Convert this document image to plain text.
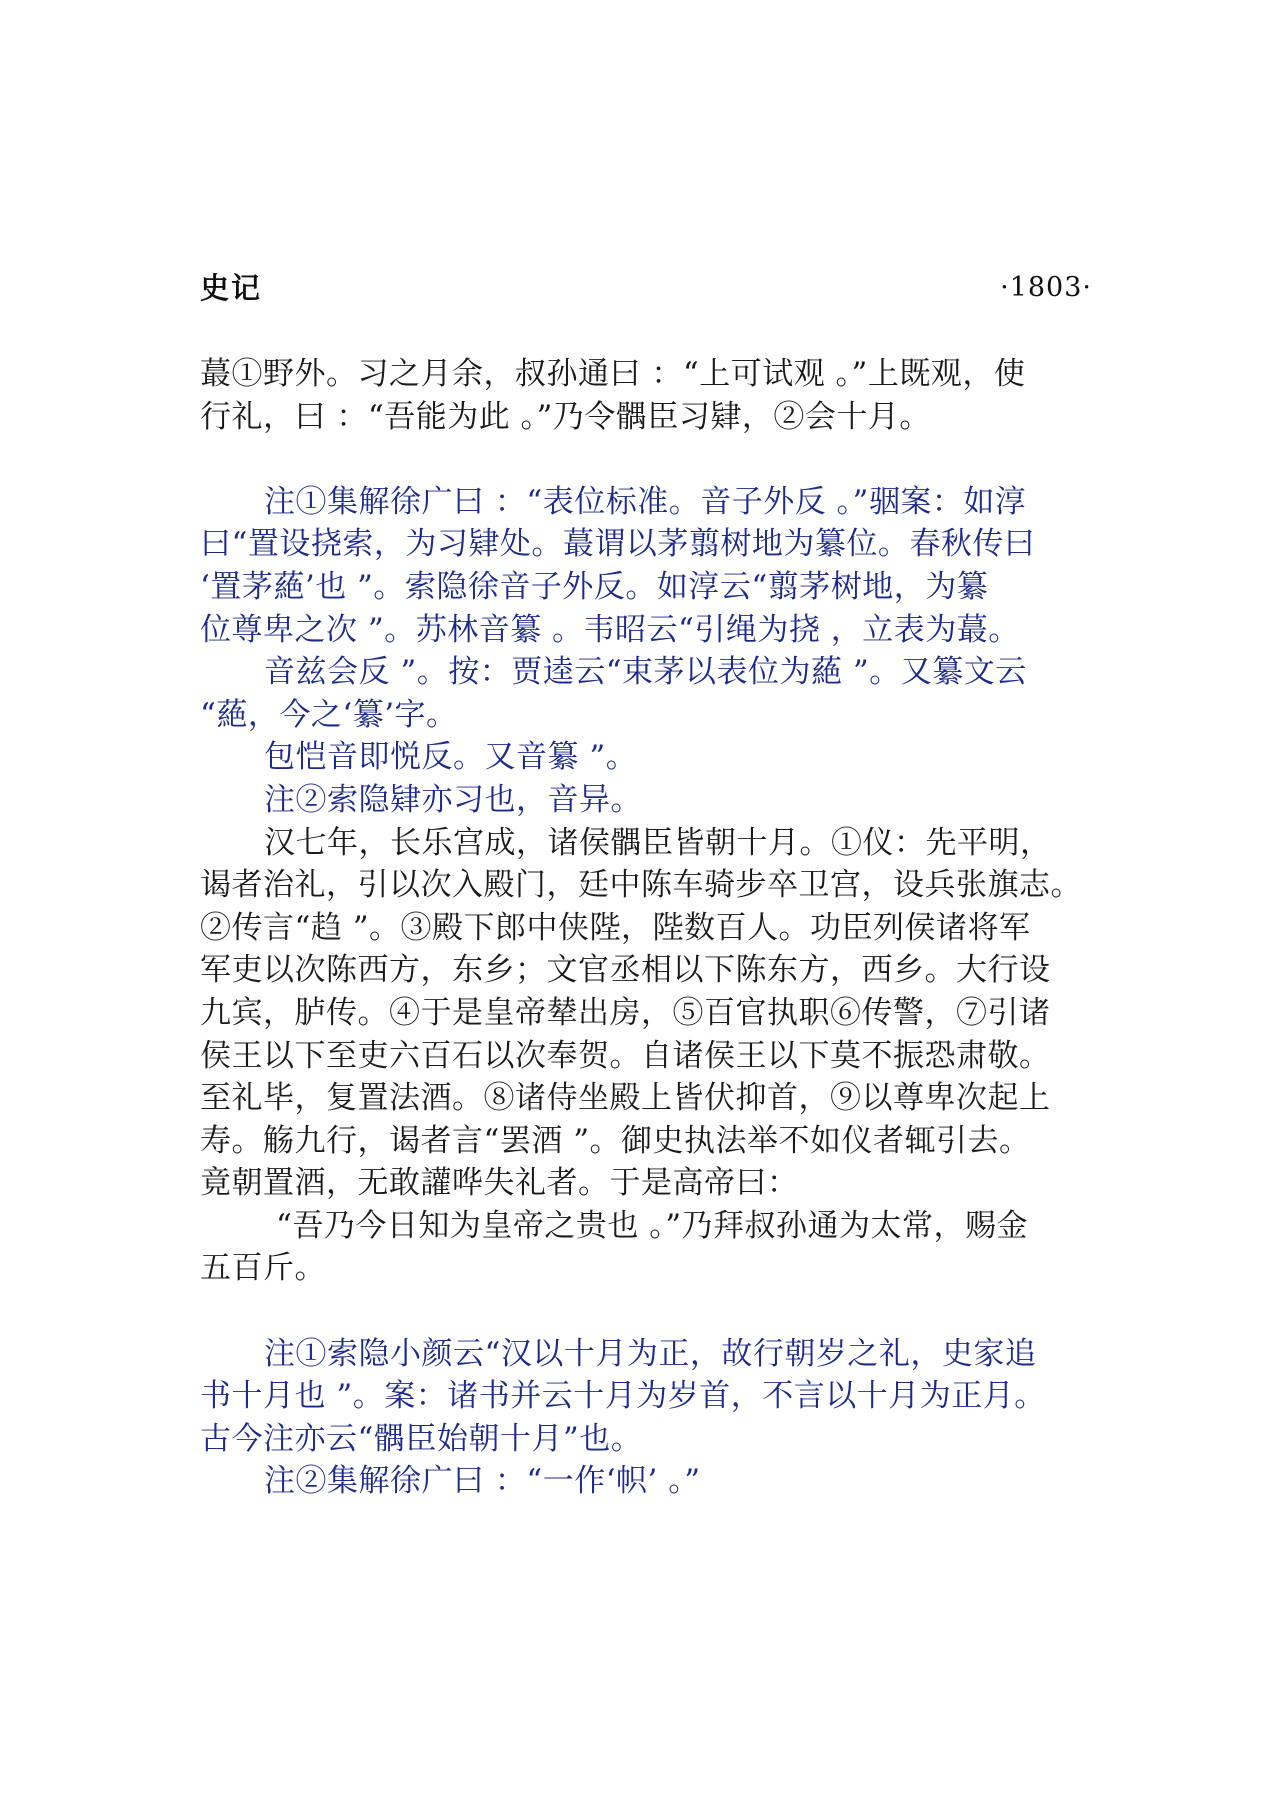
史记	·1803·
蕞①野外。习之月余，叔孙通曰 ：“上可试观 。”上既观，使
行礼，曰 ：“吾能为此 。”乃令髃臣习肄，②会十月。
注①集解徐广曰 ：“表位标准。音子外反 。”骃案：如淳
曰“置设挠索，为习肄处。蕞谓以茅翦树地为纂位。春秋传曰
‘置茅蕝’也 ”。索隐徐音子外反。如淳云“翦茅树地，为纂
位尊卑之次 ”。苏林音纂 。韦昭云“引绳为挠 ，立表为蕞。
音兹会反 ”。按：贾逵云“束茅以表位为蕝 ”。又纂文云
“蕝，今之‘纂’字。
包恺音即悦反。又音纂 ”。
注②索隐肄亦习也，音异。
汉七年，长乐宫成，诸侯髃臣皆朝十月。①仪：先平明，
谒者治礼，引以次入殿门，廷中陈车骑步卒卫宫，设兵张旗志。
②传言“趋 ”。③殿下郎中侠陛，陛数百人。功臣列侯诸将军
军吏以次陈西方，东乡；文官丞相以下陈东方，西乡。大行设
九宾，胪传。④于是皇帝辇出房，⑤百官执职⑥传警，⑦引诸
侯王以下至吏六百石以次奉贺。自诸侯王以下莫不振恐肃敬。
至礼毕，复置法酒。⑧诸侍坐殿上皆伏抑首，⑨以尊卑次起上
寿。觞九行，谒者言“罢酒 ”。御史执法举不如仪者辄引去。
竟朝置酒，无敢讙哗失礼者。于是高帝曰：
“吾乃今日知为皇帝之贵也 。”乃拜叔孙通为太常，赐金
五百斤。
注①索隐小颜云“汉以十月为正，故行朝岁之礼，史家追
书十月也 ”。案：诸书并云十月为岁首，不言以十月为正月。
古今注亦云“髃臣始朝十月”也。
注②集解徐广曰 ：“一作‘帜’ 。”
